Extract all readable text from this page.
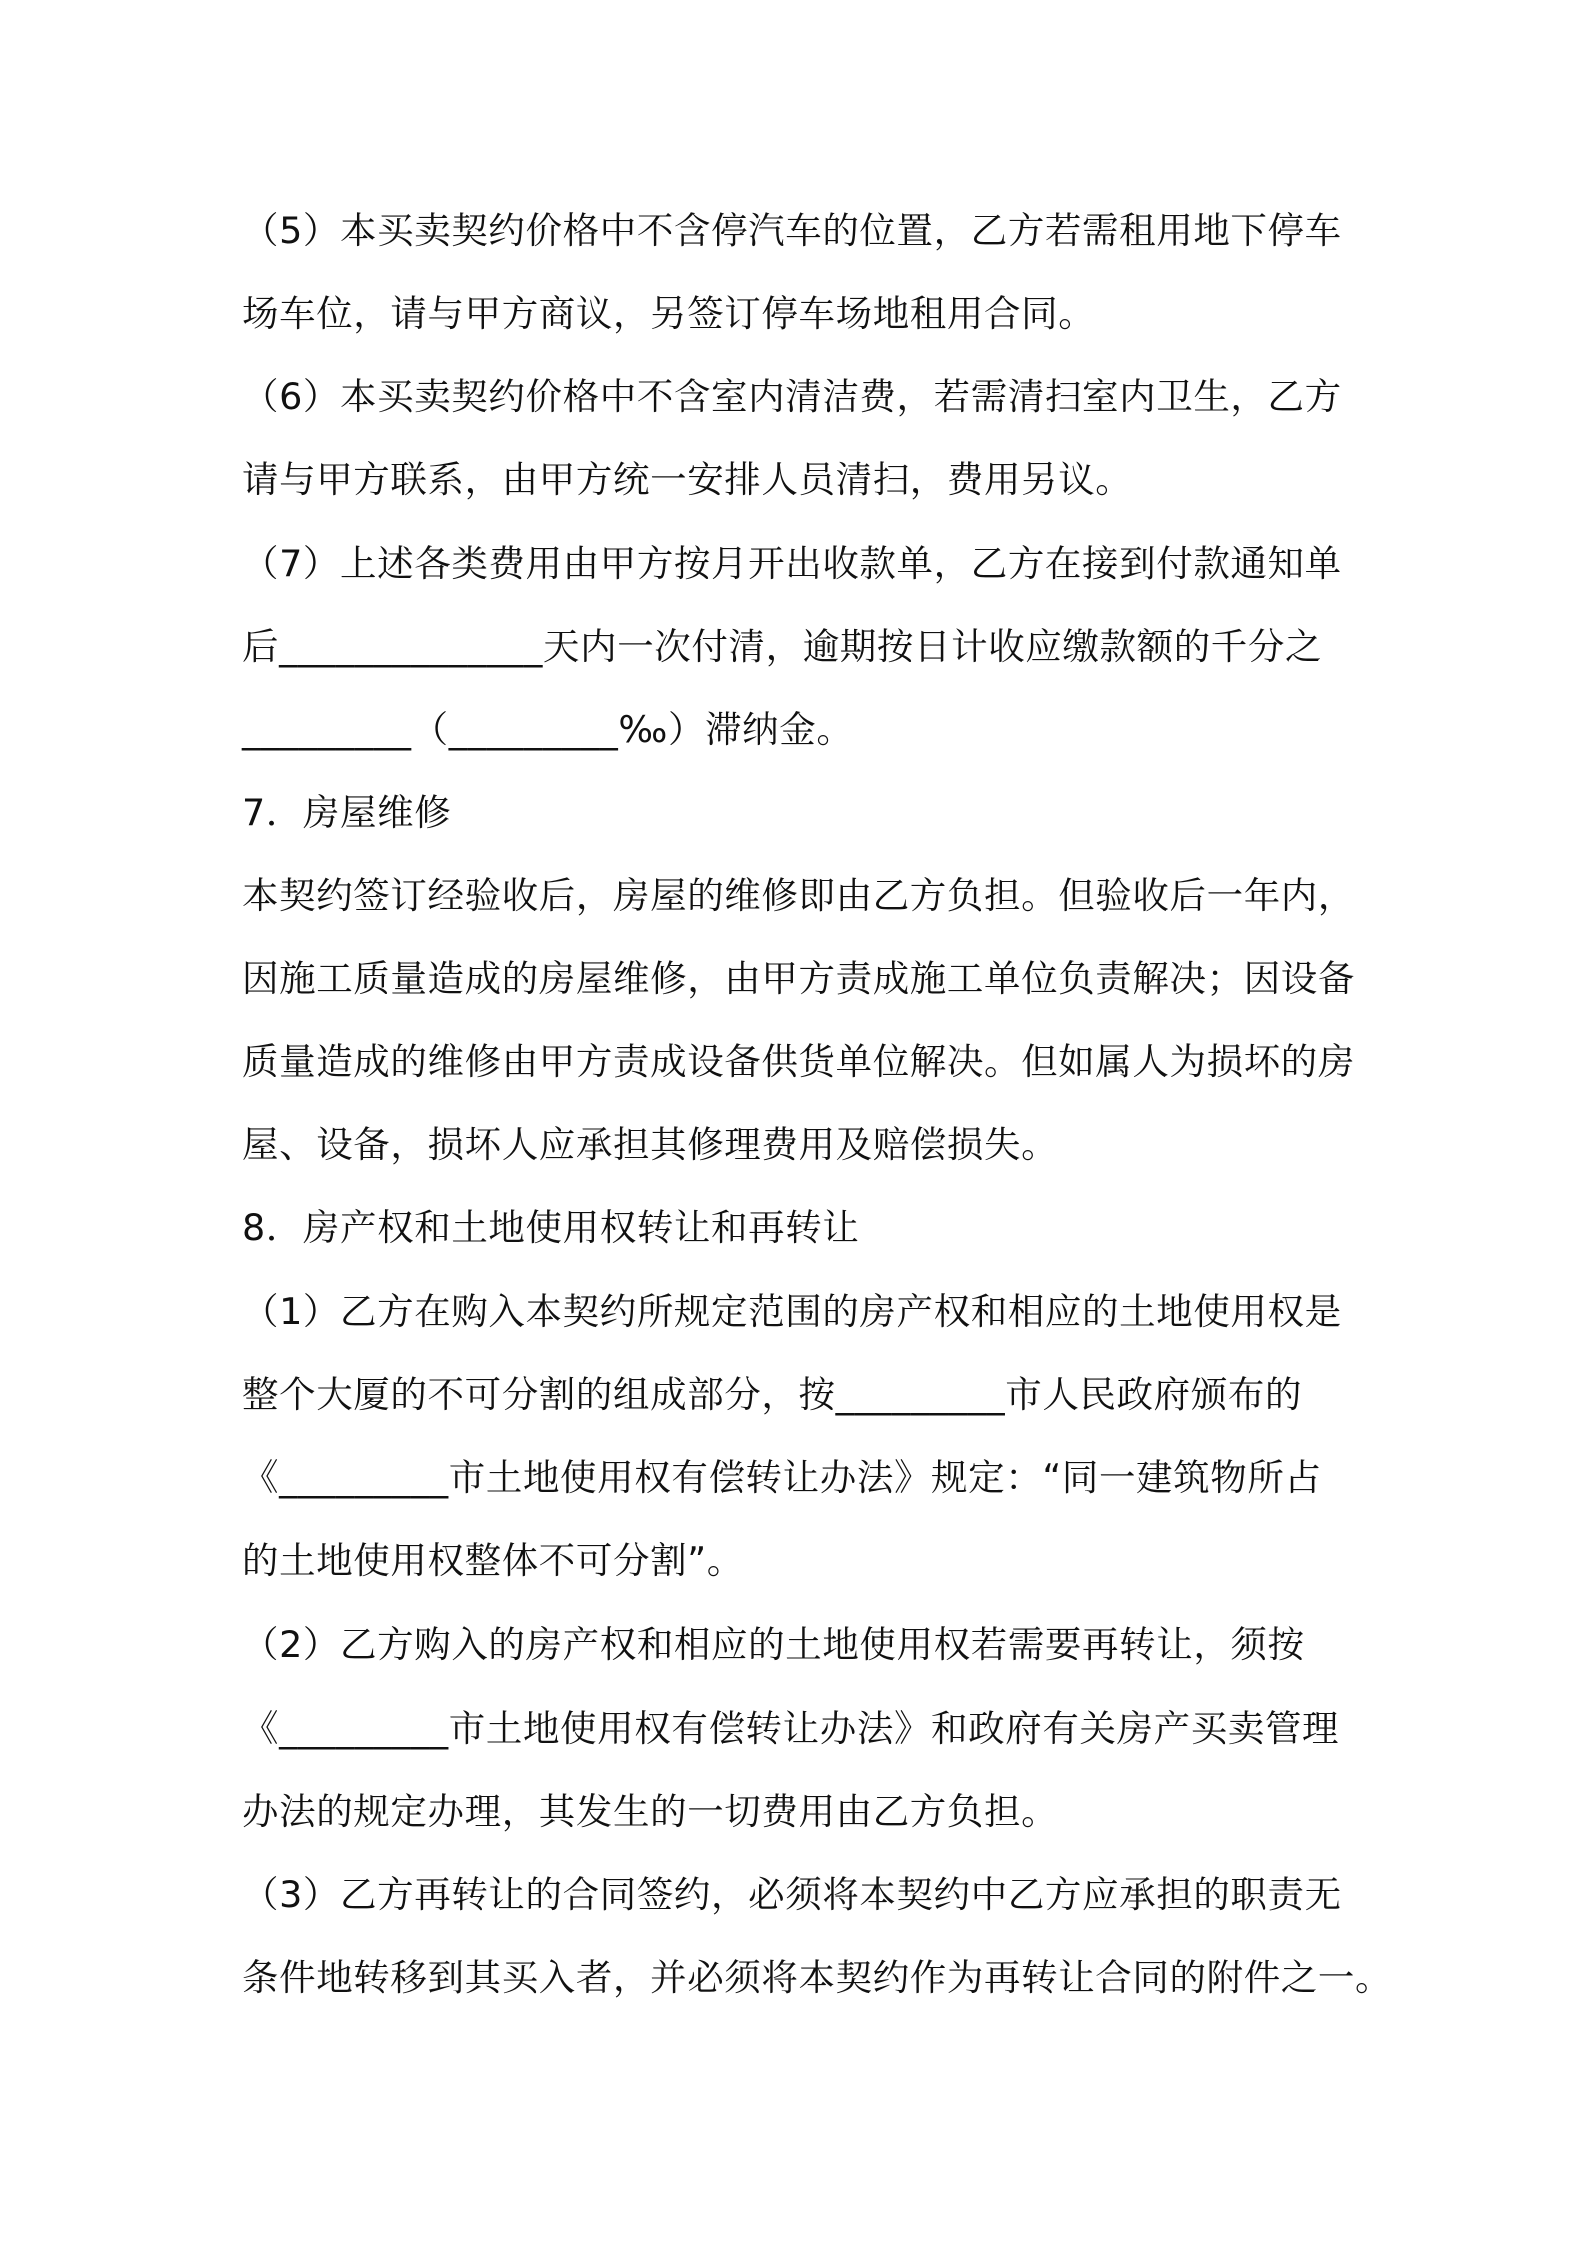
（5）本买卖契约价格中不含停汽车的位置，乙方若需租用地下停车
场车位，请与甲方商议，另签订停车场地租用合同。
（6）本买卖契约价格中不含室内清洁费，若需清扫室内卫生，乙方
请与甲方联系，由甲方统一安排人员清扫，费用另议。
（7）上述各类费用由甲方按月开出收款单，乙方在接到付款通知单
后______________天内一次付清，逾期按日计收应缴款额的千分之
_________（_________‰）滞纳金。
7．房屋维修
本契约签订经验收后，房屋的维修即由乙方负担。但验收后一年内，
因施工质量造成的房屋维修，由甲方责成施工单位负责解决；因设备
质量造成的维修由甲方责成设备供货单位解决。但如属人为损坏的房
屋、设备，损坏人应承担其修理费用及赔偿损失。
8．房产权和土地使用权转让和再转让
（1）乙方在购入本契约所规定范围的房产权和相应的土地使用权是
整个大厦的不可分割的组成部分，按_________市人民政府颁布的
《_________市土地使用权有偿转让办法》规定：“同一建筑物所占
的土地使用权整体不可分割”。
（2）乙方购入的房产权和相应的土地使用权若需要再转让，须按
《_________市土地使用权有偿转让办法》和政府有关房产买卖管理
办法的规定办理，其发生的一切费用由乙方负担。
（3）乙方再转让的合同签约，必须将本契约中乙方应承担的职责无
条件地转移到其买入者，并必须将本契约作为再转让合同的附件之一。
